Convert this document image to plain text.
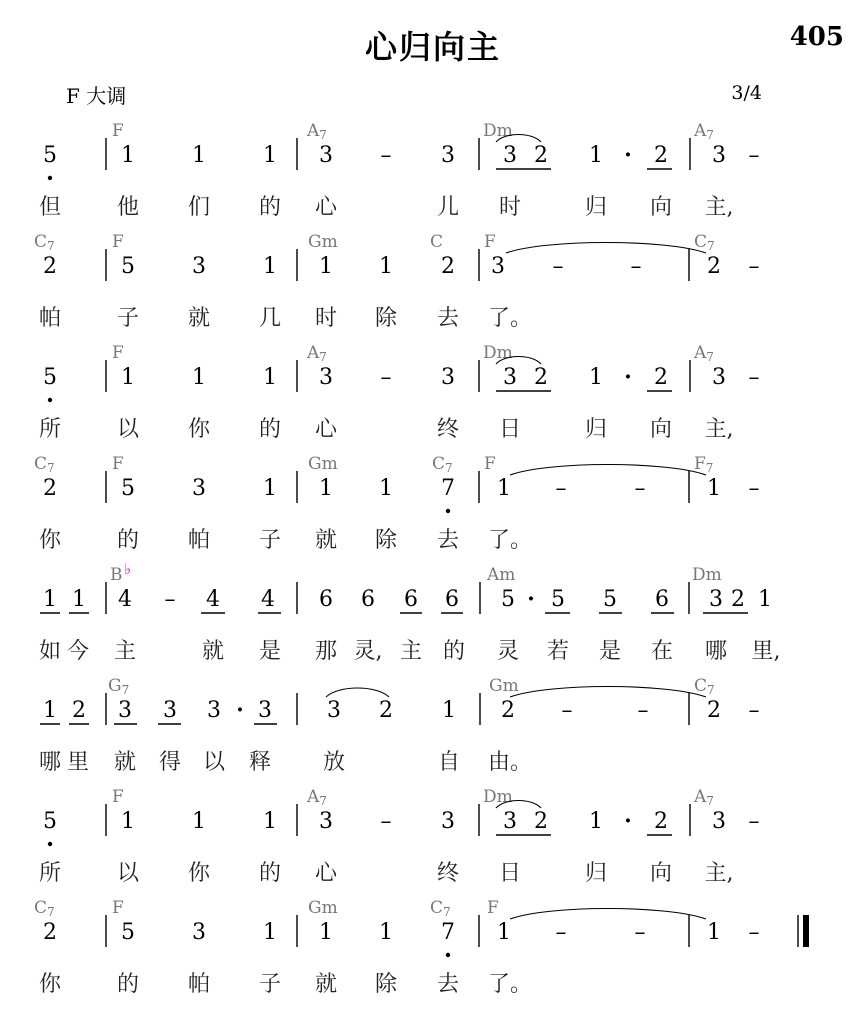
心归向主	405
F 大调	3/4
F	A7	Dm	A7
5	1	1	1 3 – 3 3 2 1 · 2 3 –
但	他 们 的 心	儿 时	归 向 主,
C7	F	Gm	C F	C7
2	5	3	1 1 1 2 3 –	–	2 –
帕	子 就 几 时 除 去 了。
F	A7	Dm	A7
5	1	1	1 3 – 3 3 2 1 · 2 3 –
所	以 你 的 心	终 日	归 向 主,
C7	F	Gm	C7 F	F7
2	5	3	1 1 1 7 1 –	–	1 –
你	的 帕 子 就 除 去 了。
B	Am	Dm
♭
1 1 4 – 4 4 6 6 6 6 5 · 5 5 6 3 2 1
如 今 主	就 是 那 灵, 主 的 灵 若 是 在 哪 里,
G7	Gm	C7
1 2 3 3 3 · 3	3 2 1 2 –	–	2 –
哪 里 就 得 以 释 放	自 由。
F	A7	Dm	A7
5	1	1	1 3 – 3 3 2 1 · 2 3 –
所	以 你 的 心	终 日	归 向 主,
C7	F	Gm	C7 F
2	5	3	1 1 1 7 1 –	–	1 –
你	的 帕 子 就 除 去 了。
